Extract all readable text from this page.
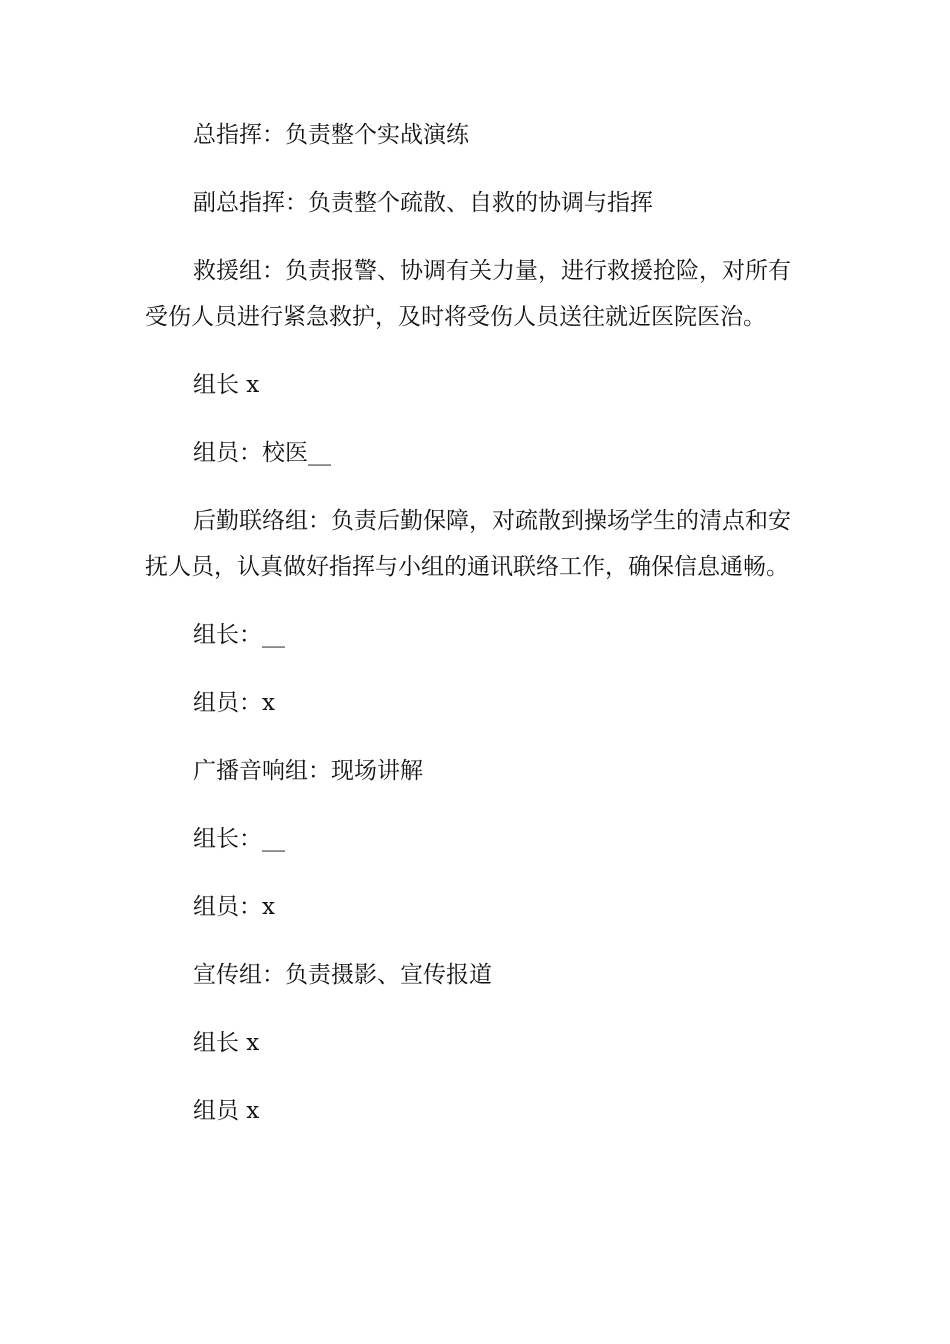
总指挥：负责整个实战演练

副总指挥：负责整个疏散、自救的协调与指挥

救援组：负责报警、协调有关力量，进行救援抢险，对所有受伤人员进行紧急救护，及时将受伤人员送往就近医院医治。

组长 x

组员：校医__

后勤联络组：负责后勤保障，对疏散到操场学生的清点和安抚人员，认真做好指挥与小组的通讯联络工作，确保信息通畅。

组长：__

组员：x

广播音响组：现场讲解

组长：__

组员：x

宣传组：负责摄影、宣传报道

组长 x

组员 x
